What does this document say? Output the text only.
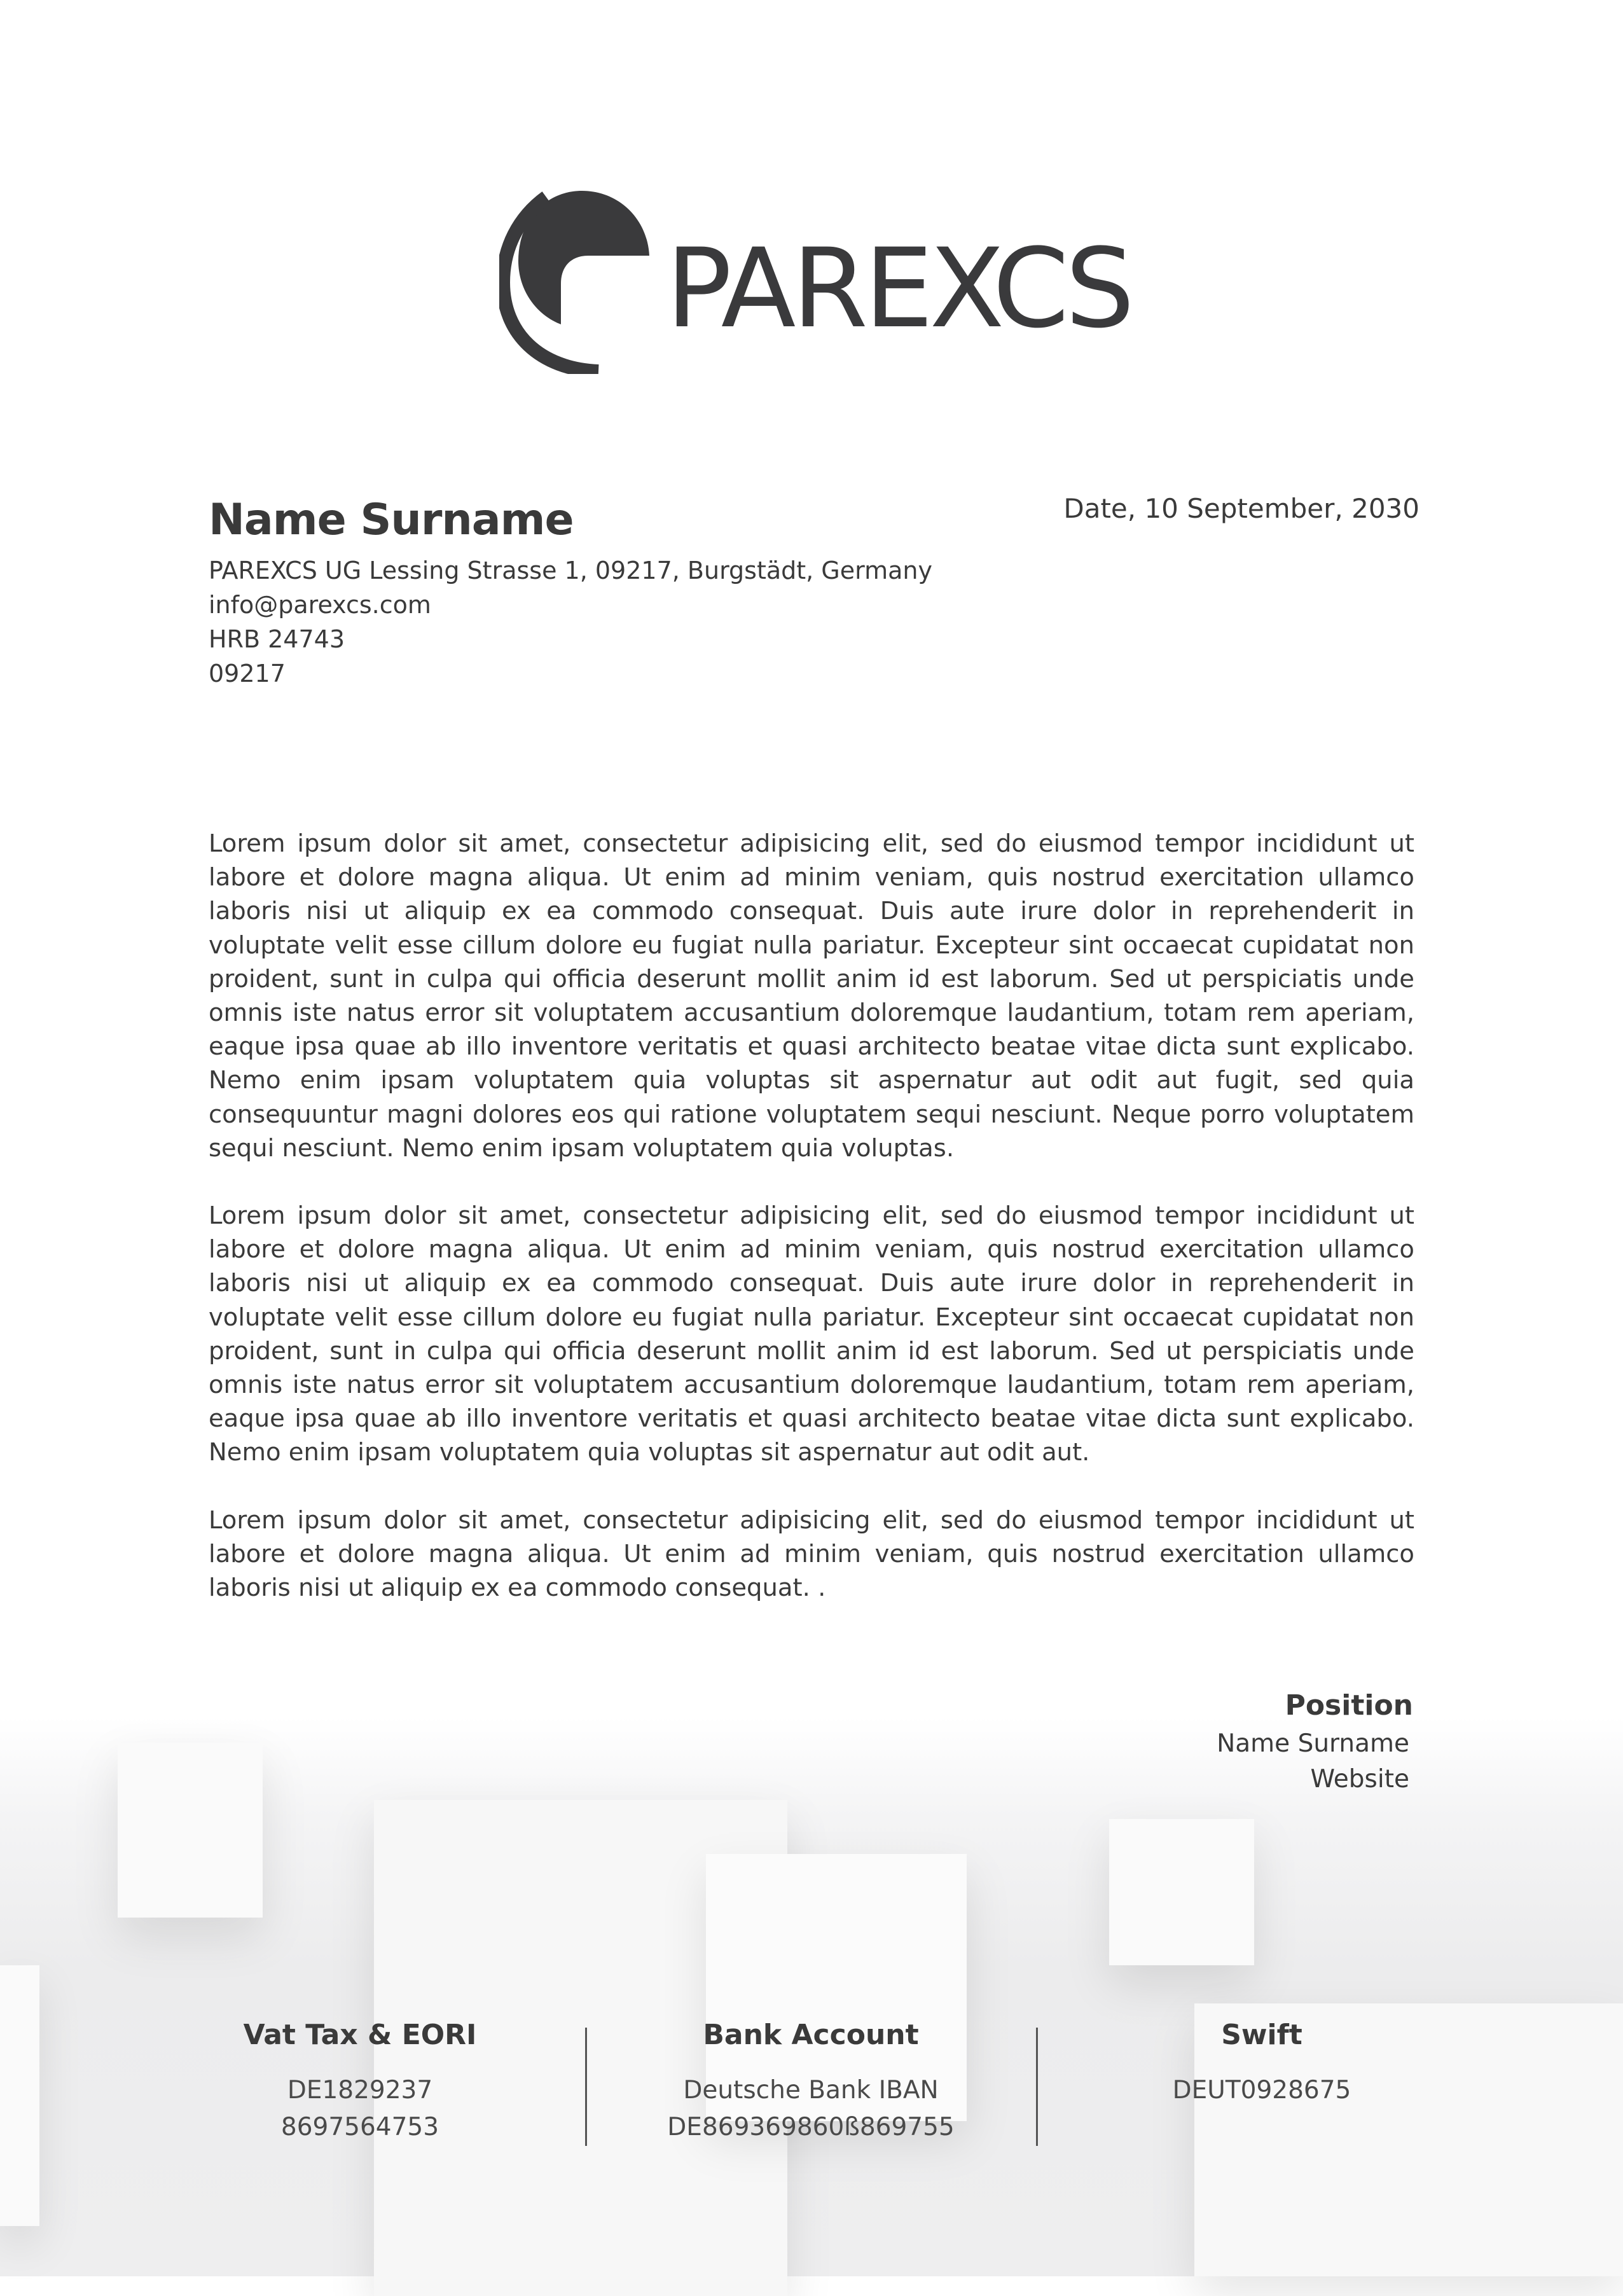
PAREXCS
Date, 10 September, 2030
Name Surname
PAREXCS UG Lessing Strasse 1, 09217, Burgstädt, Germany
info@parexcs.com
HRB 24743
09217

Lorem ipsum dolor sit amet, consectetur adipisicing elit, sed do eiusmod tempor incididunt ut labore et dolore magna aliqua. Ut enim ad minim veniam, quis nostrud exercitation ullamco laboris nisi ut aliquip ex ea commodo consequat. Duis aute irure dolor in reprehenderit in voluptate velit esse cillum dolore eu fugiat nulla pariatur. Excepteur sint occaecat cupidatat non proident, sunt in culpa qui officia deserunt mollit anim id est laborum. Sed ut perspiciatis unde omnis iste natus error sit voluptatem accusantium doloremque laudantium, totam rem aperiam, eaque ipsa quae ab illo inventore veritatis et quasi architecto beatae vitae dicta sunt explicabo. Nemo enim ipsam voluptatem quia voluptas sit aspernatur aut odit aut fugit, sed quia consequuntur magni dolores eos qui ratione voluptatem sequi nesciunt. Neque porro voluptatem sequi nesciunt. Nemo enim ipsam voluptatem quia voluptas.

Lorem ipsum dolor sit amet, consectetur adipisicing elit, sed do eiusmod tempor incididunt ut labore et dolore magna aliqua. Ut enim ad minim veniam, quis nostrud exercitation ullamco laboris nisi ut aliquip ex ea commodo consequat. Duis aute irure dolor in reprehenderit in voluptate velit esse cillum dolore eu fugiat nulla pariatur. Excepteur sint occaecat cupidatat non proident, sunt in culpa qui officia deserunt mollit anim id est laborum. Sed ut perspiciatis unde omnis iste natus error sit voluptatem accusantium doloremque laudantium, totam rem aperiam, eaque ipsa quae ab illo inventore veritatis et quasi architecto beatae vitae dicta sunt explicabo. Nemo enim ipsam voluptatem quia voluptas sit aspernatur aut odit aut.

Lorem ipsum dolor sit amet, consectetur adipisicing elit, sed do eiusmod tempor incididunt ut labore et dolore magna aliqua. Ut enim ad minim veniam, quis nostrud exercitation ullamco laboris nisi ut aliquip ex ea commodo consequat. .

Position
Name Surname
Website
Vat Tax & EORI
DE1829237
8697564753
Bank Account
Deutsche Bank IBAN
DE869369860ß869755
Swift
DEUT0928675
